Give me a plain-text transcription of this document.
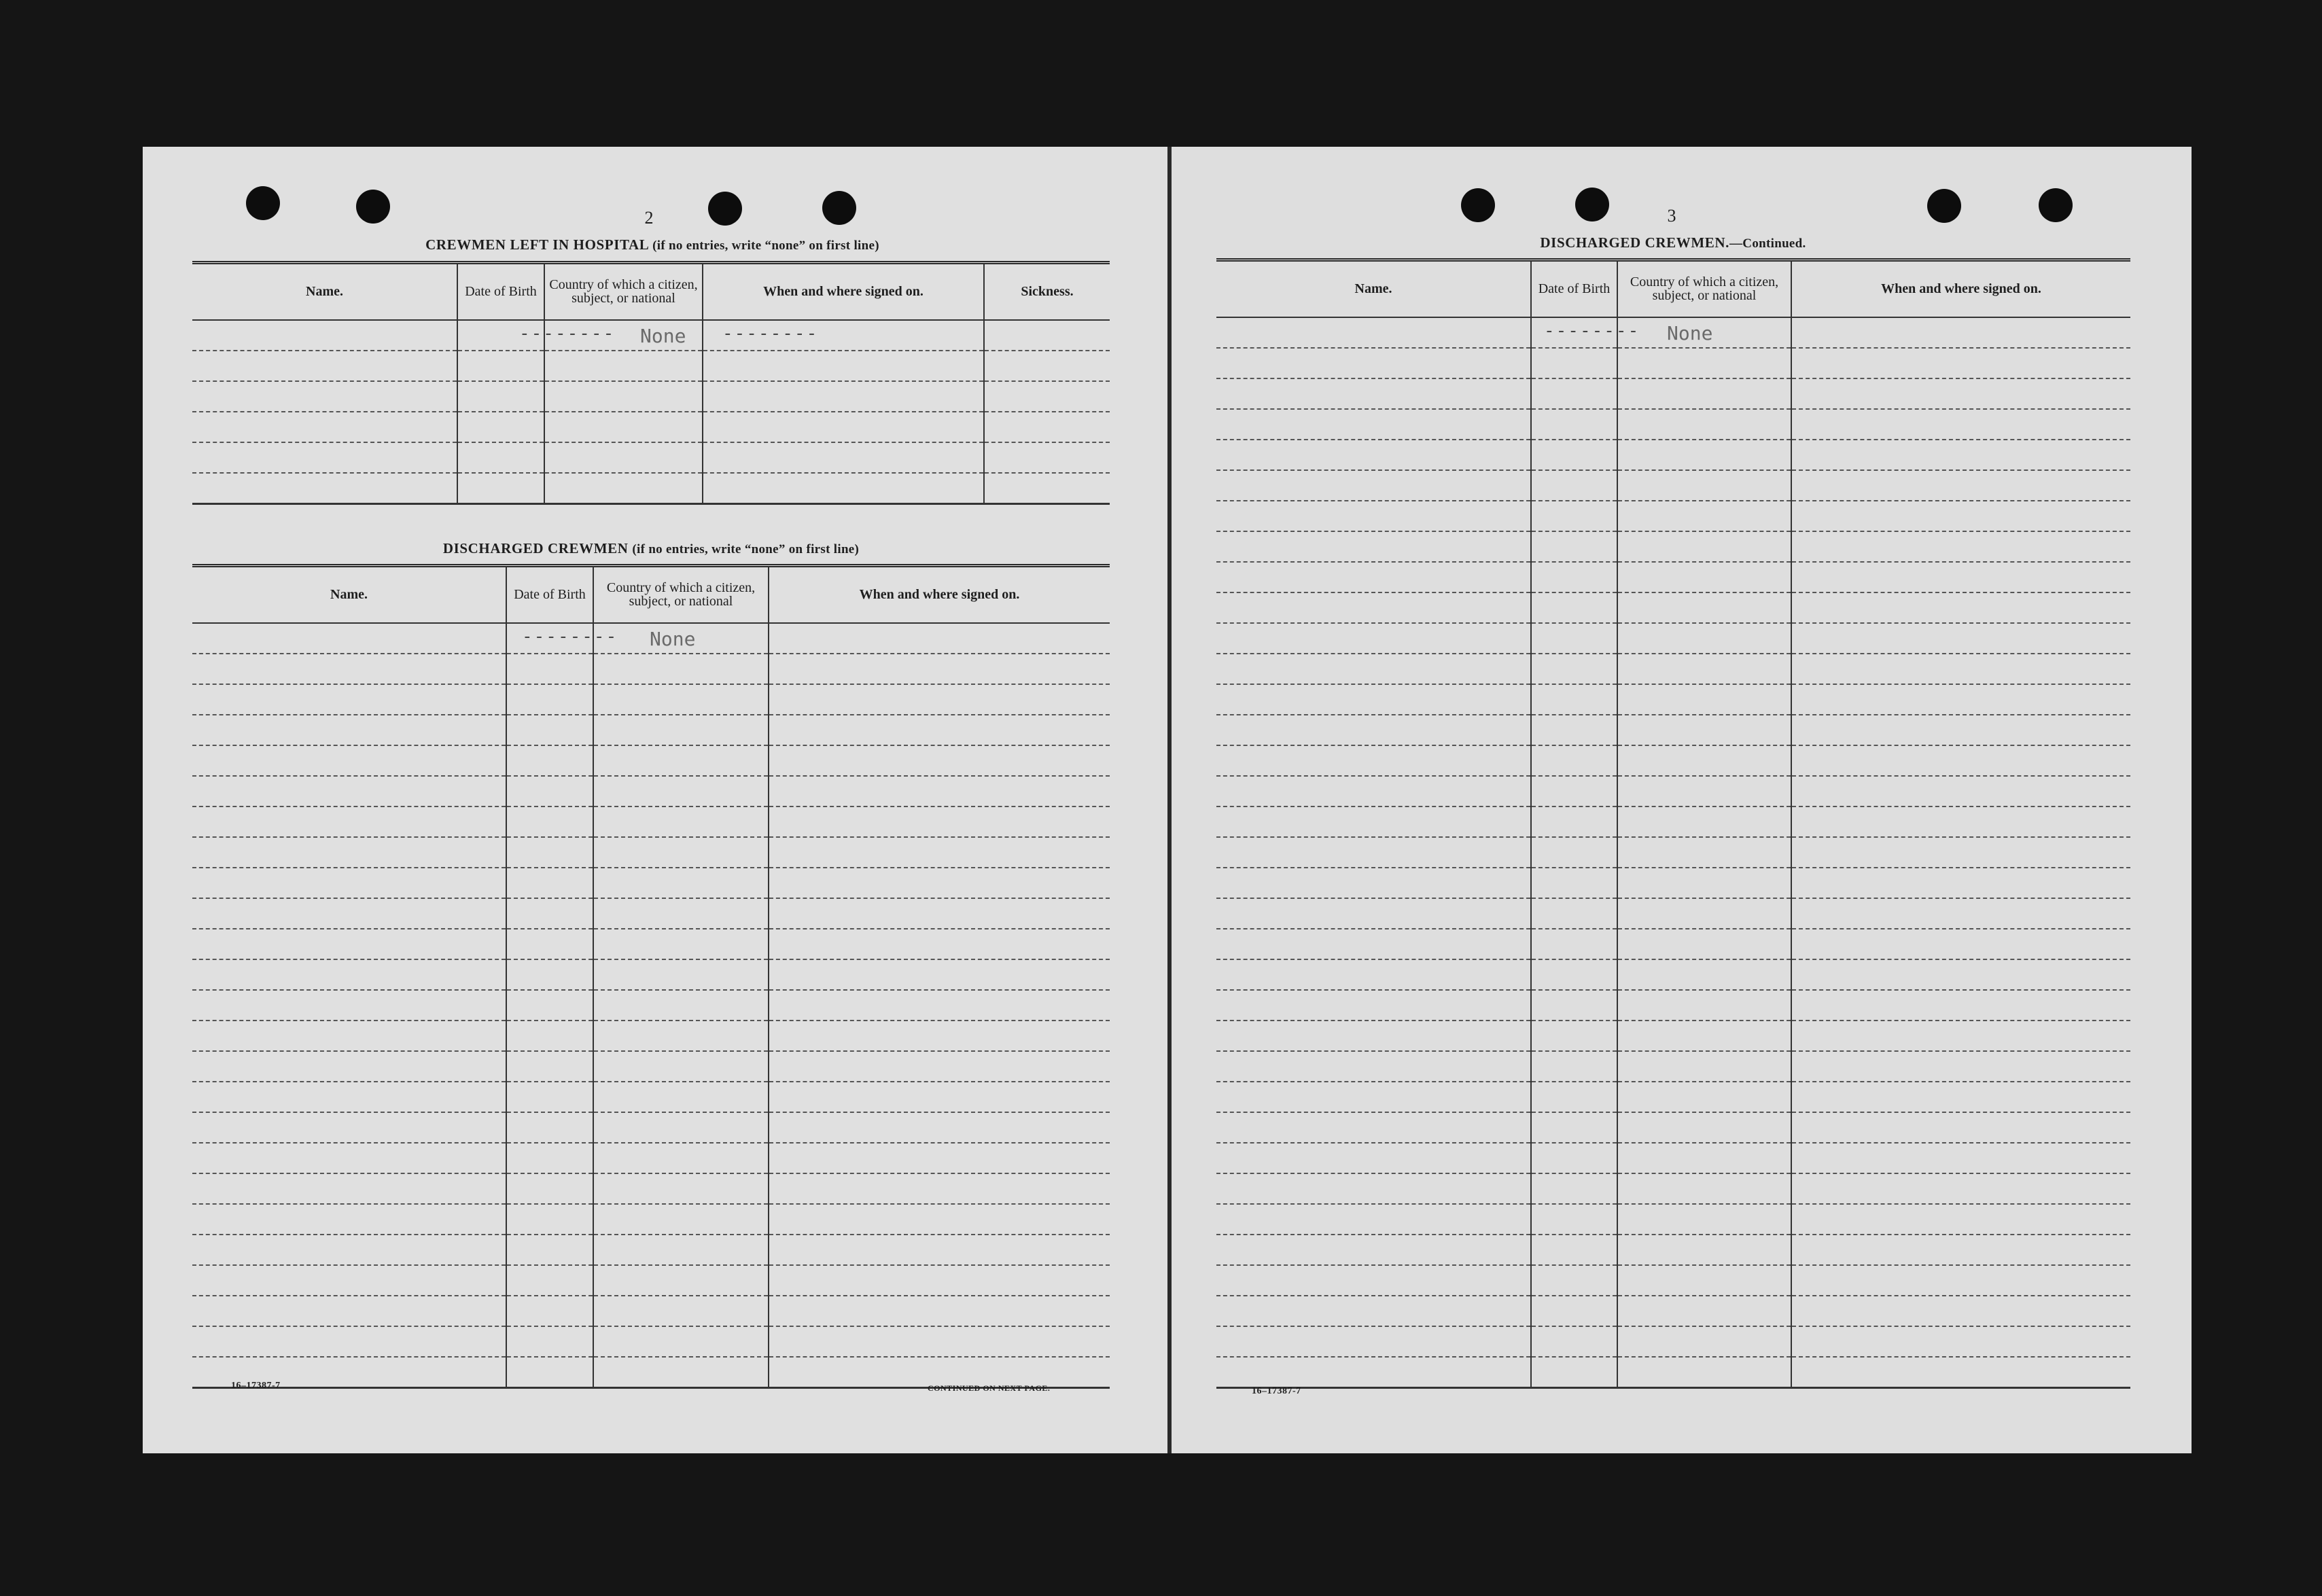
2
CREWMEN LEFT IN HOSPITAL (if no entries, write “none” on first line)
Name.	Date of Birth	Country of which a citizen, subject, or national	When and where signed on.	Sickness.

	--------	None	--------	

DISCHARGED CREWMEN (if no entries, write “none” on first line)
Name.	Date of Birth	Country of which a citizen, subject, or national	When and where signed on.

	--------	None	

16–17387-7	CONTINUED ON NEXT PAGE.
3
DISCHARGED CREWMEN.—Continued.
Name.	Date of Birth	Country of which a citizen, subject, or national	When and where signed on.

	--------	None	

16–17387-7
